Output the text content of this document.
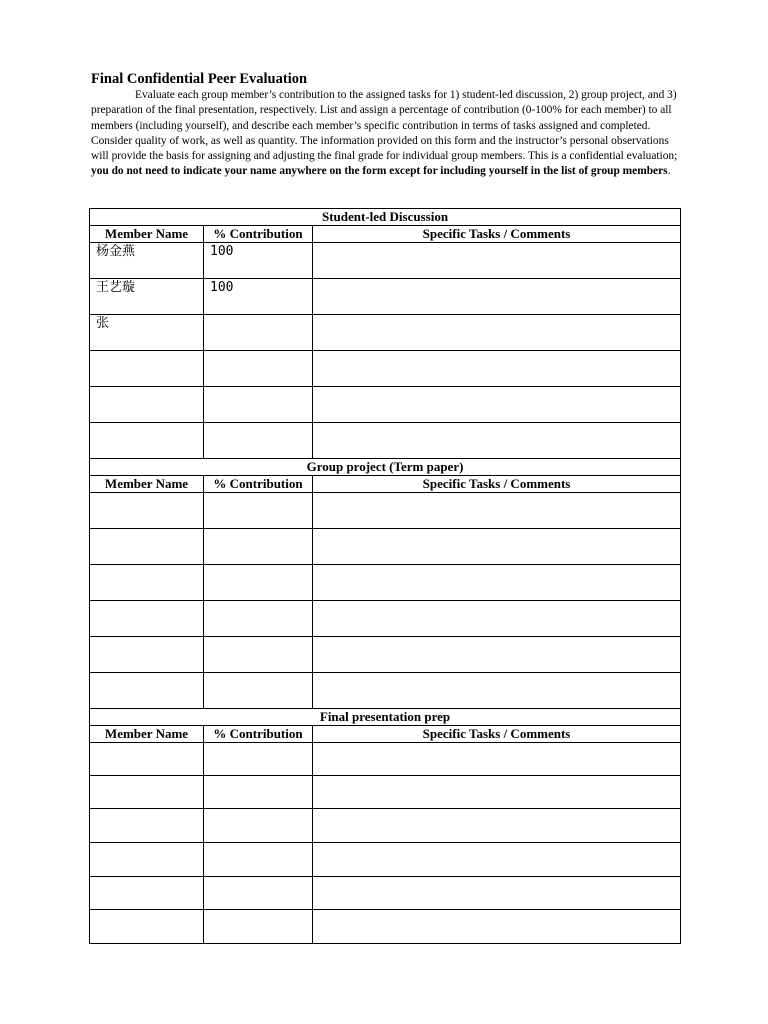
Final Confidential Peer Evaluation

Evaluate each group member’s contribution to the assigned tasks for 1) student-led discussion, 2) group project, and 3) preparation of the final presentation, respectively. List and assign a percentage of contribution (0-100% for each member) to all members (including yourself), and describe each member’s specific contribution in terms of tasks assigned and completed. Consider quality of work, as well as quantity. The information provided on this form and the instructor’s personal observations will provide the basis for assigning and adjusting the final grade for individual group members. This is a confidential evaluation; you do not need to indicate your name anywhere on the form except for including yourself in the list of group members.

Student-led Discussion		
Member Name	% Contribution	Specific Tasks / Comments
杨金燕	100	
王艺璇	100	
张		

Group project (Term paper)		
Member Name	% Contribution	Specific Tasks / Comments

Final presentation prep		
Member Name	% Contribution	Specific Tasks / Comments
